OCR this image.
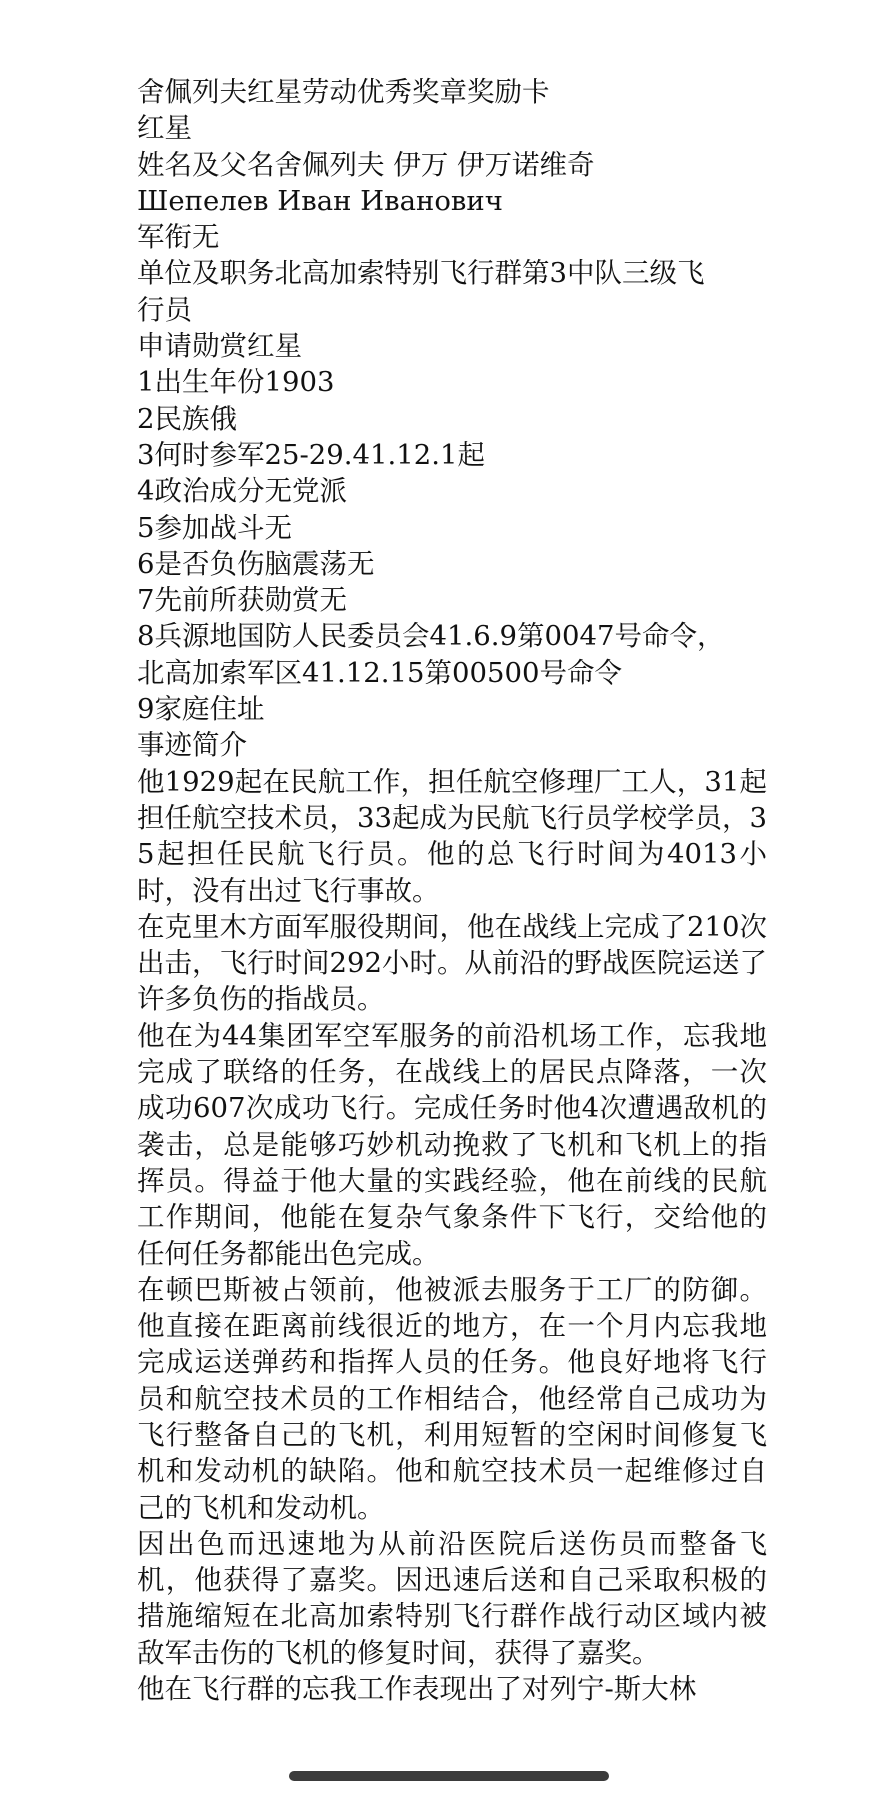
舍佩列夫红星劳动优秀奖章奖励卡
红星
姓名及父名舍佩列夫 伊万 伊万诺维奇
Шепелев Иван Иванович
军衔无
单位及职务北高加索特别飞行群第3中队三级飞
行员
申请勋赏红星
1出生年份1903
2民族俄
3何时参军25-29.41.12.1起
4政治成分无党派
5参加战斗无
6是否负伤脑震荡无
7先前所获勋赏无
8兵源地国防人民委员会41.6.9第0047号命令，
北高加索军区41.12.15第00500号命令
9家庭住址
事迹简介
他1929起在民航工作，担任航空修理厂工人，31起担任航空技术员，33起成为民航飞行员学校学员，35起担任民航飞行员。他的总飞行时间为4013小时，没有出过飞行事故。
在克里木方面军服役期间，他在战线上完成了210次出击，飞行时间292小时。从前沿的野战医院运送了许多负伤的指战员。
他在为44集团军空军服务的前沿机场工作，忘我地完成了联络的任务，在战线上的居民点降落，一次成功607次成功飞行。完成任务时他4次遭遇敌机的袭击，总是能够巧妙机动挽救了飞机和飞机上的指挥员。得益于他大量的实践经验，他在前线的民航工作期间，他能在复杂气象条件下飞行，交给他的任何任务都能出色完成。
在顿巴斯被占领前，他被派去服务于工厂的防御。他直接在距离前线很近的地方，在一个月内忘我地完成运送弹药和指挥人员的任务。他良好地将飞行员和航空技术员的工作相结合，他经常自己成功为飞行整备自己的飞机，利用短暂的空闲时间修复飞机和发动机的缺陷。他和航空技术员一起维修过自己的飞机和发动机。
因出色而迅速地为从前沿医院后送伤员而整备飞机，他获得了嘉奖。因迅速后送和自己采取积极的措施缩短在北高加索特别飞行群作战行动区域内被敌军击伤的飞机的修复时间，获得了嘉奖。
他在飞行群的忘我工作表现出了对列宁-斯大林
